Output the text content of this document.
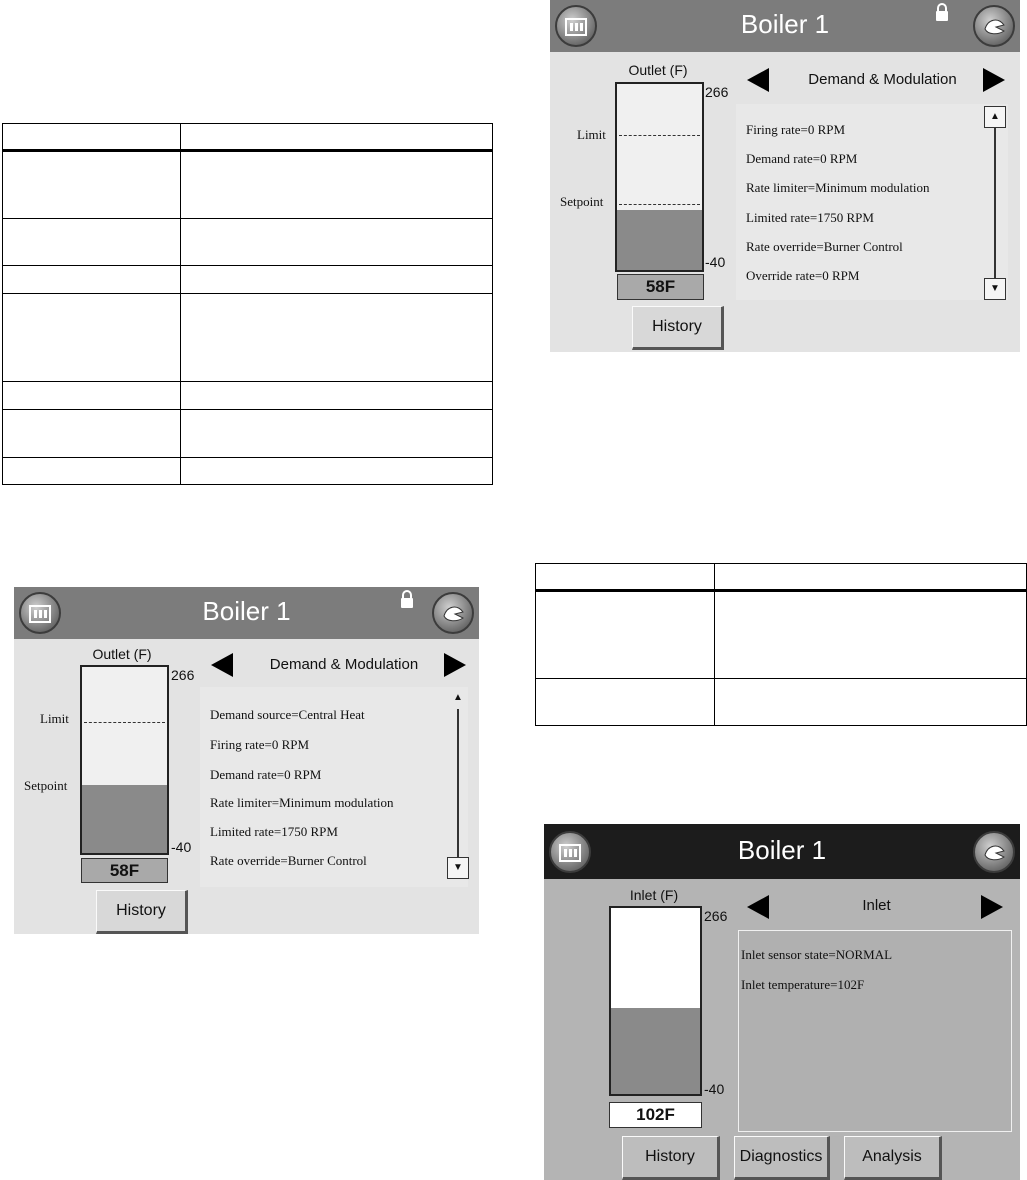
Boiler 1
Outlet (F)
266
-40
Limit
Setpoint
58F
Demand & Modulation
Demand source=Central Heat
Firing rate=0 RPM
Demand rate=0 RPM
Rate limiter=Minimum modulation
Limited rate=1750 RPM
Rate override=Burner Control
▲
▼
History
Boiler 1
Outlet (F)
266
-40
Limit
Setpoint
58F
Demand & Modulation
Firing rate=0 RPM
Demand rate=0 RPM
Rate limiter=Minimum modulation
Limited rate=1750 RPM
Rate override=Burner Control
Override rate=0 RPM
▲
▼
History
Boiler 1
Inlet (F)
266
-40
102F
Inlet
Inlet sensor state=NORMAL
Inlet temperature=102F
History	Diagnostics	Analysis
